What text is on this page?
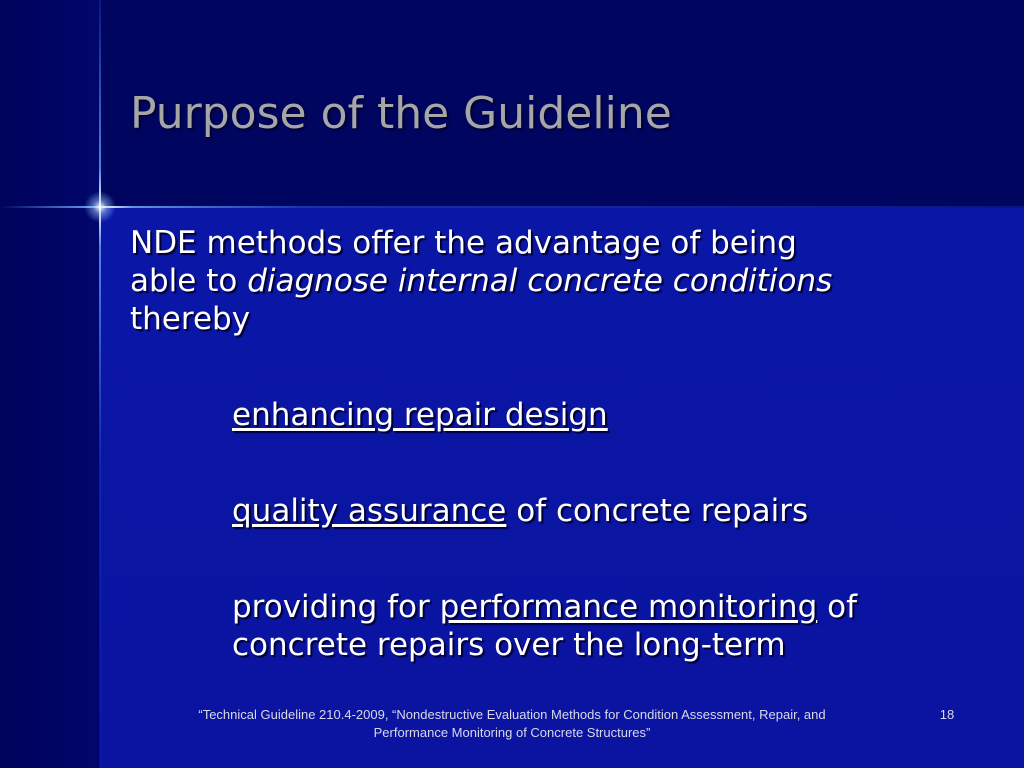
Purpose of the Guideline

NDE methods offer the advantage of being
able to diagnose internal concrete conditions
thereby

enhancing repair design

quality assurance of concrete repairs

providing for performance monitoring of concrete repairs over the long-term

“Technical Guideline 210.4-2009, “Nondestructive Evaluation Methods for Condition Assessment, Repair, and Performance Monitoring of Concrete Structures”

18
